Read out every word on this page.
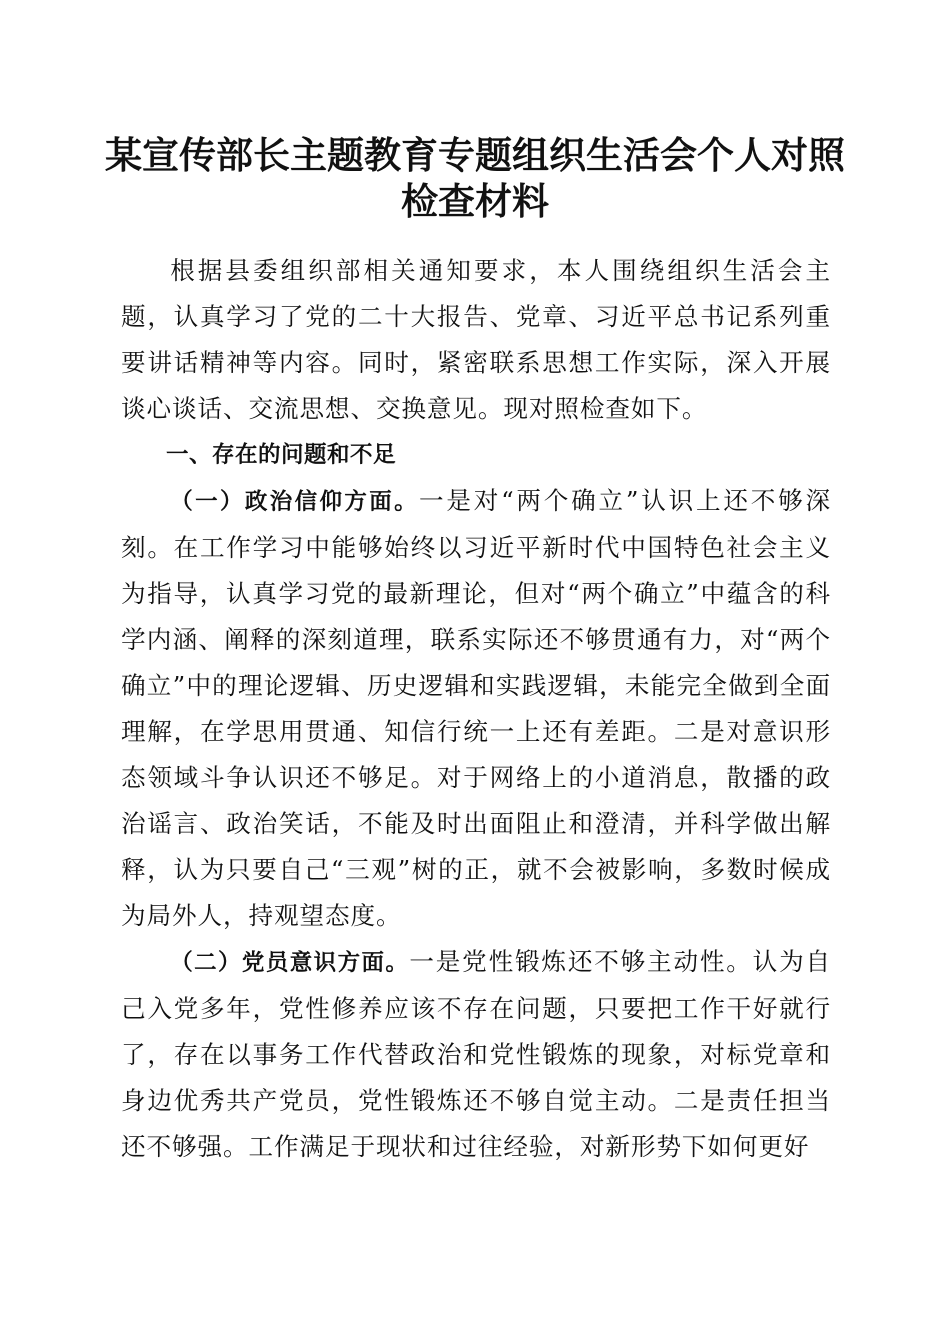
某宣传部长主题教育专题组织生活会个人对照检查材料

根据县委组织部相关通知要求，本人围绕组织生活会主题，认真学习了党的二十大报告、党章、习近平总书记系列重要讲话精神等内容。同时，紧密联系思想工作实际，深入开展谈心谈话、交流思想、交换意见。现对照检查如下。

一、存在的问题和不足

（一）政治信仰方面。一是对“两个确立”认识上还不够深刻。在工作学习中能够始终以习近平新时代中国特色社会主义为指导，认真学习党的最新理论，但对“两个确立”中蕴含的科学内涵、阐释的深刻道理，联系实际还不够贯通有力，对“两个确立”中的理论逻辑、历史逻辑和实践逻辑，未能完全做到全面理解，在学思用贯通、知信行统一上还有差距。二是对意识形态领域斗争认识还不够足。对于网络上的小道消息，散播的政治谣言、政治笑话，不能及时出面阻止和澄清，并科学做出解释，认为只要自己“三观”树的正，就不会被影响，多数时候成为局外人，持观望态度。

（二）党员意识方面。一是党性锻炼还不够主动性。认为自己入党多年，党性修养应该不存在问题，只要把工作干好就行了，存在以事务工作代替政治和党性锻炼的现象，对标党章和身边优秀共产党员，党性锻炼还不够自觉主动。二是责任担当还不够强。工作满足于现状和过往经验，对新形势下如何更好
